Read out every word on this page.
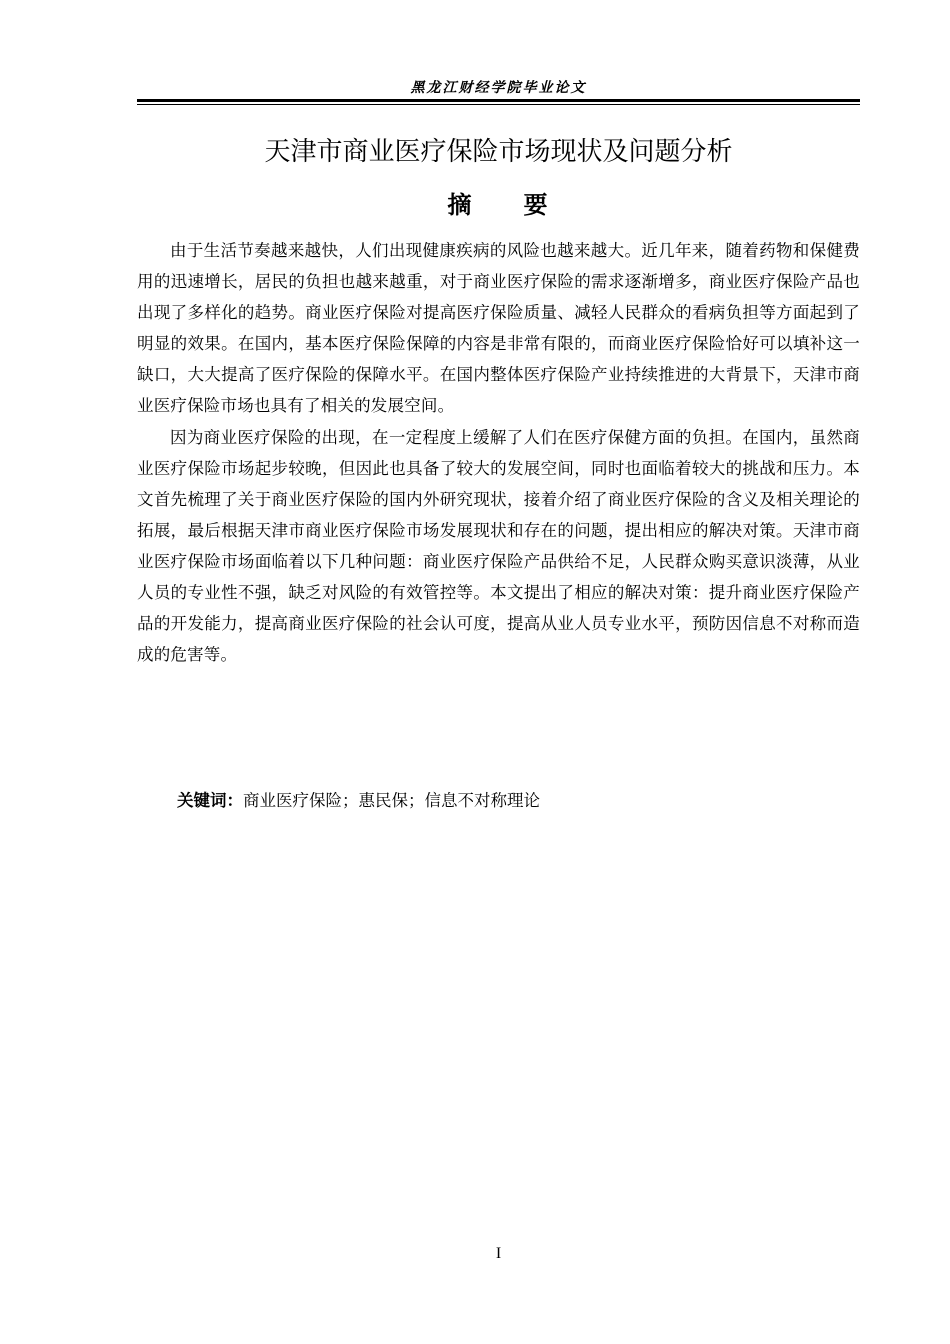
黑龙江财经学院毕业论文
天津市商业医疗保险市场现状及问题分析
摘 要

由于生活节奏越来越快，人们出现健康疾病的风险也越来越大。近几年来，随着药物和保健费用的迅速增长，居民的负担也越来越重，对于商业医疗保险的需求逐渐增多，商业医疗保险产品也出现了多样化的趋势。商业医疗保险对提高医疗保险质量、减轻人民群众的看病负担等方面起到了明显的效果。在国内，基本医疗保险保障的内容是非常有限的，而商业医疗保险恰好可以填补这一缺口，大大提高了医疗保险的保障水平。在国内整体医疗保险产业持续推进的大背景下，天津市商业医疗保险市场也具有了相关的发展空间。

因为商业医疗保险的出现，在一定程度上缓解了人们在医疗保健方面的负担。在国内，虽然商业医疗保险市场起步较晚，但因此也具备了较大的发展空间，同时也面临着较大的挑战和压力。本文首先梳理了关于商业医疗保险的国内外研究现状，接着介绍了商业医疗保险的含义及相关理论的拓展，最后根据天津市商业医疗保险市场发展现状和存在的问题，提出相应的解决对策。天津市商业医疗保险市场面临着以下几种问题：商业医疗保险产品供给不足，人民群众购买意识淡薄，从业人员的专业性不强，缺乏对风险的有效管控等。本文提出了相应的解决对策：提升商业医疗保险产品的开发能力，提高商业医疗保险的社会认可度，提高从业人员专业水平，预防因信息不对称而造成的危害等。

关键词：商业医疗保险；惠民保；信息不对称理论
I
